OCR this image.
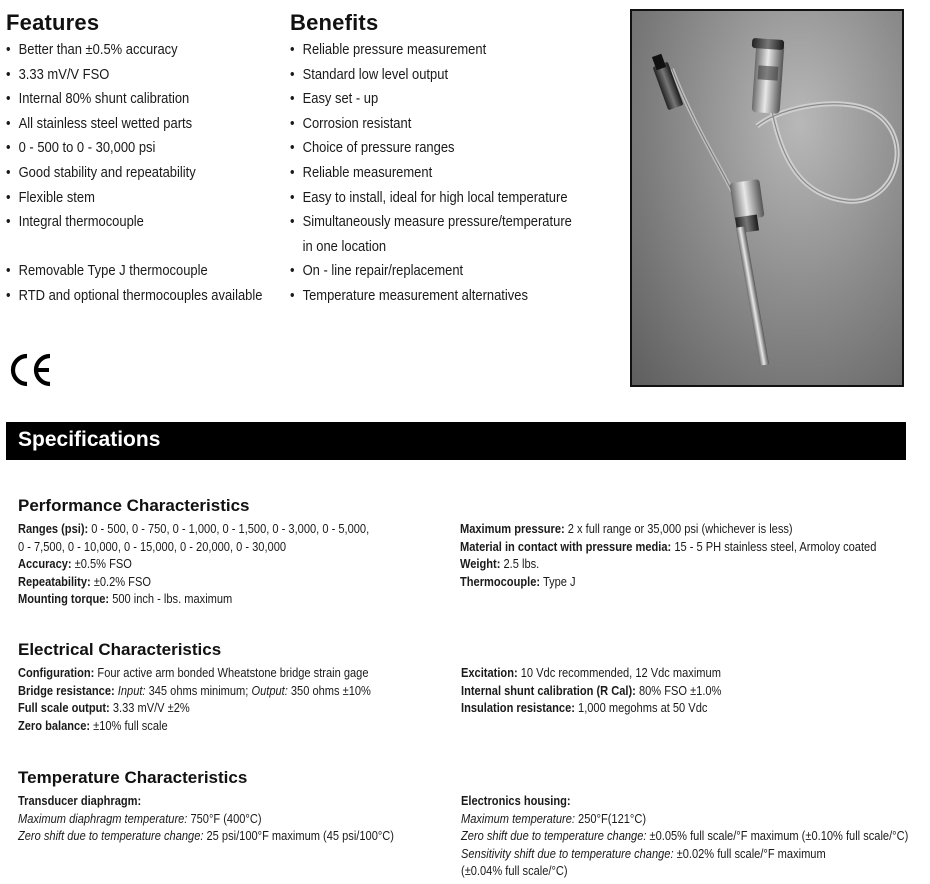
Features
• Better than ±0.5% accuracy
• 3.33 mV/V FSO
• Internal 80% shunt calibration
• All stainless steel wetted parts
• 0 - 500 to 0 - 30,000 psi
• Good stability and repeatability
• Flexible stem
• Integral thermocouple

• Removable Type J thermocouple
• RTD and optional thermocouples available
Benefits
• Reliable pressure measurement
• Standard low level output
• Easy set - up
• Corrosion resistant
• Choice of pressure ranges
• Reliable measurement
• Easy to install, ideal for high local temperature
• Simultaneously measure pressure/temperature
in one location
• On - line repair/replacement
• Temperature measurement alternatives
Specifications
Performance Characteristics
Ranges (psi): 0 - 500, 0 - 750, 0 - 1,000, 0 - 1,500, 0 - 3,000, 0 - 5,000,
0 - 7,500, 0 - 10,000, 0 - 15,000, 0 - 20,000, 0 - 30,000
Accuracy: ±0.5% FSO
Repeatability: ±0.2% FSO
Mounting torque: 500 inch - lbs. maximum
Maximum pressure: 2 x full range or 35,000 psi (whichever is less)
Material in contact with pressure media: 15 - 5 PH stainless steel, Armoloy coated
Weight: 2.5 lbs.
Thermocouple: Type J
Electrical Characteristics
Configuration: Four active arm bonded Wheatstone bridge strain gage
Bridge resistance: Input: 345 ohms minimum; Output: 350 ohms ±10%
Full scale output: 3.33 mV/V ±2%
Zero balance: ±10% full scale
Excitation: 10 Vdc recommended, 12 Vdc maximum
Internal shunt calibration (R Cal): 80% FSO ±1.0%
Insulation resistance: 1,000 megohms at 50 Vdc
Temperature Characteristics
Transducer diaphragm:
Maximum diaphragm temperature: 750°F (400°C)
Zero shift due to temperature change: 25 psi/100°F maximum (45 psi/100°C)
Electronics housing:
Maximum temperature: 250°F(121°C)
Zero shift due to temperature change: ±0.05% full scale/°F maximum (±0.10% full scale/°C)
Sensitivity shift due to temperature change: ±0.02% full scale/°F maximum
(±0.04% full scale/°C)
